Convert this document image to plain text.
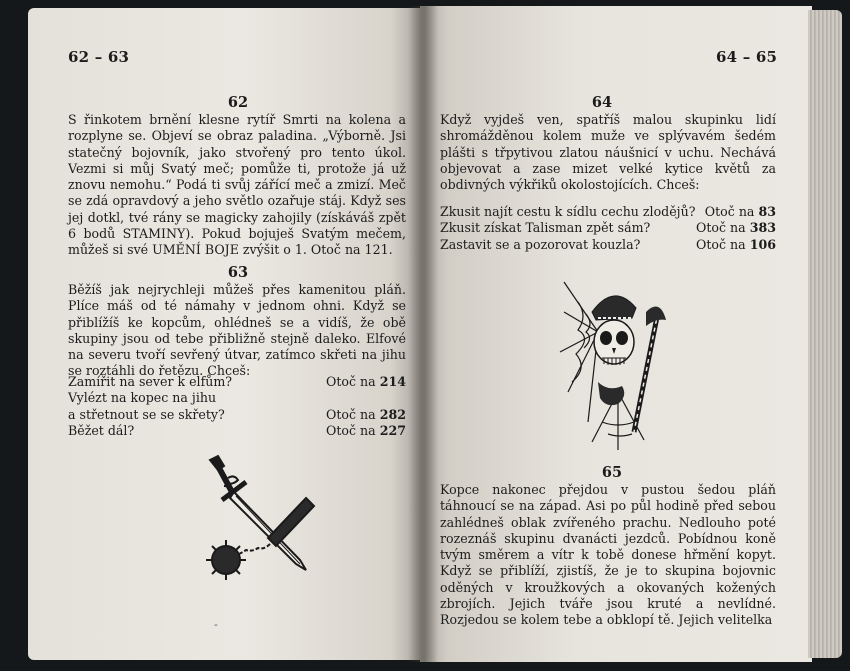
62 – 63
62

S řinkotem brnění klesne rytíř Smrti na kolena a rozplyne se. Objeví se obraz paladina. „Výborně. Jsi statečný bojovník, jako stvořený pro tento úkol. Vezmi si můj Svatý meč; pomůže ti, protože já už znovu nemohu.“ Podá ti svůj zářící meč a zmizí. Meč se zdá opravdový a jeho světlo ozařuje stáj. Když ses jej dotkl, tvé rány se magicky zahojily (získáváš zpět 6 bodů STAMINY). Pokud bojuješ Svatým mečem, můžeš si své UMĚNÍ BOJE zvýšit o 1. Otoč na 121.

63

Běžíš jak nejrychleji můžeš přes kamenitou pláň. Plíce máš od té námahy v jednom ohni. Když se přiblížíš ke kopcům, ohlédneš se a vidíš, že obě skupiny jsou od tebe přibližně stejně daleko. Elfové na severu tvoří sevřený útvar, zatímco skřeti na jihu se roztáhli do řetězu. Chceš:

Zamířit na sever k elfům?	Otoč na 214
Vylézt na kopec na jihu
a střetnout se se skřety?	Otoč na 282
Běžet dál?	Otoč na 227
-
64 – 65
64

Když vyjdeš ven, spatříš malou skupinku lidí shromážděnou kolem muže ve splývavém šedém plášti s třpytivou zlatou náušnicí v uchu. Nechává objevovat a zase mizet velké kytice květů za obdivných výkřiků okolostojících. Chceš:

Zkusit najít cestu k sídlu cechu zlodějů? Otoč na 83
Zkusit získat Talisman zpět sám?	Otoč na 383
Zastavit se a pozorovat kouzla?	Otoč na 106
65

Kopce nakonec přejdou v pustou šedou pláň táhnoucí se na západ. Asi po půl hodině před sebou zahlédneš oblak zvířeného prachu. Nedlouho poté rozeznáš skupinu dvanácti jezdců. Pobídnou koně tvým směrem a vítr k tobě donese hřmění kopyt. Když se přiblíží, zjistíš, že je to skupina bojovnic oděných v kroužkových a okovaných kožených zbrojích. Jejich tváře jsou kruté a nevlídné. Rozjedou se kolem tebe a obklopí tě. Jejich velitelka
